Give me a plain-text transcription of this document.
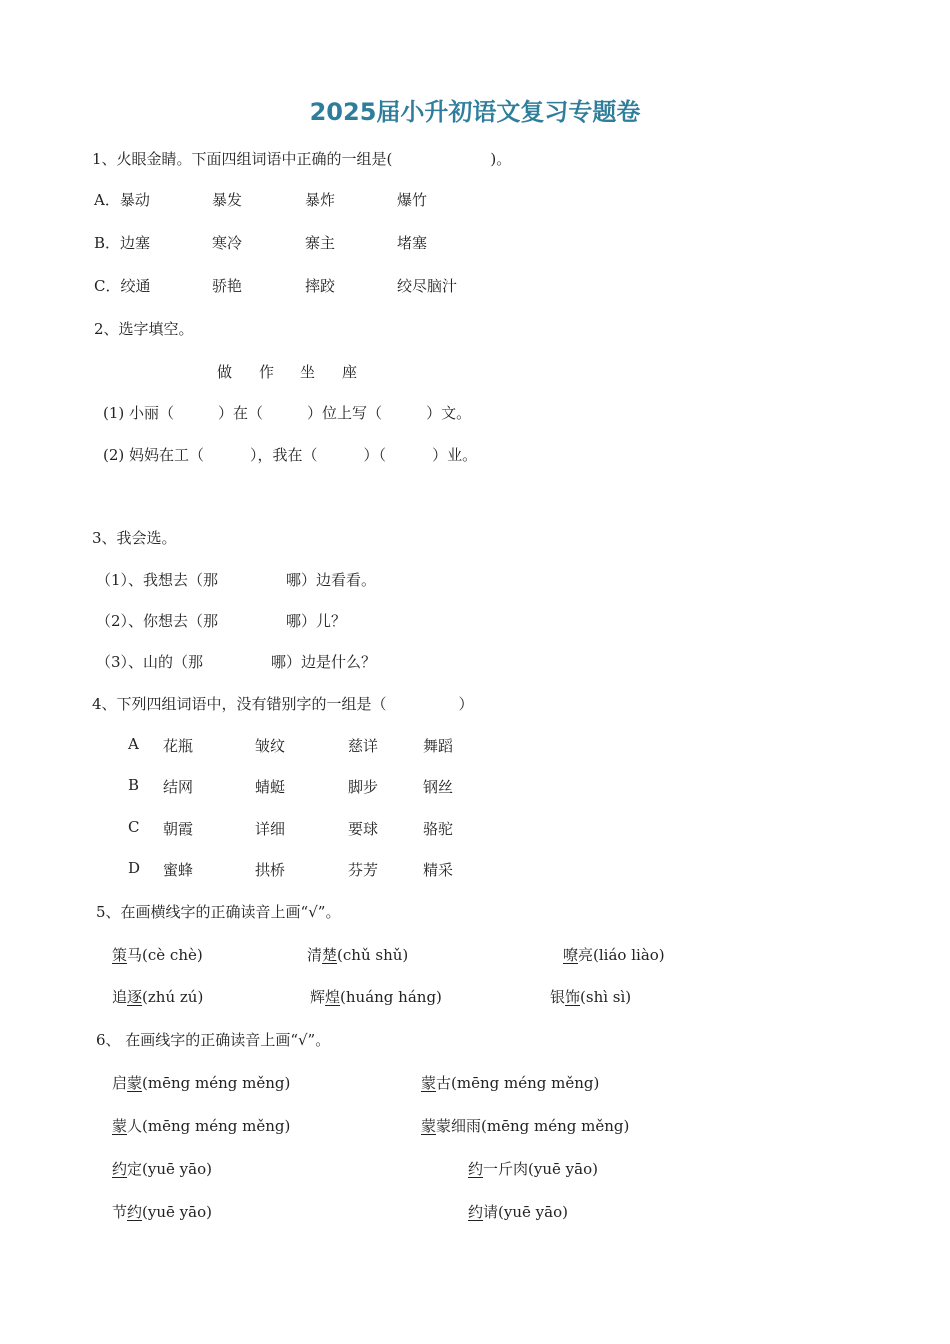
2025届小升初语文复习专题卷
1、火眼金睛。下面四组词语中正确的一组是(	)。
A．暴动	暴发	暴炸	爆竹
B．边塞	寒冷	寨主	堵塞
C．绞通	骄艳	摔跤	绞尽脑汁
2、选字填空。
做 作 坐 座
(1) 小丽（	）在（	）位上写（	）文。
(2) 妈妈在工（	），我在（	）（	）业。
3、我会选。
（1）、我想去（那	哪）边看看。
（2）、你想去（那	哪）儿？
（3）、山的（那	哪）边是什么？
4、下列四组词语中，没有错别字的一组是（	）
A 花瓶	皱纹	慈详	舞蹈
B 结网	蜻蜓	脚步	钢丝
C 朝霞	详细	要球	骆驼
D 蜜蜂	拱桥	芬芳	精采
5、在画横线字的正确读音上画“√”。
策马(cè chè)	清楚(chǔ shǔ)	嘹亮(liáo liào)
追逐(zhú zú)	辉煌(huáng háng)	银饰(shì sì)
6、 在画线字的正确读音上画“√”。
启蒙(mēng méng měng)	蒙古(mēng méng měng)
蒙人(mēng méng měng)	蒙蒙细雨(mēng méng měng)
约定(yuē yāo)	约一斤肉(yuē yāo)
节约(yuē yāo)	约请(yuē yāo)
